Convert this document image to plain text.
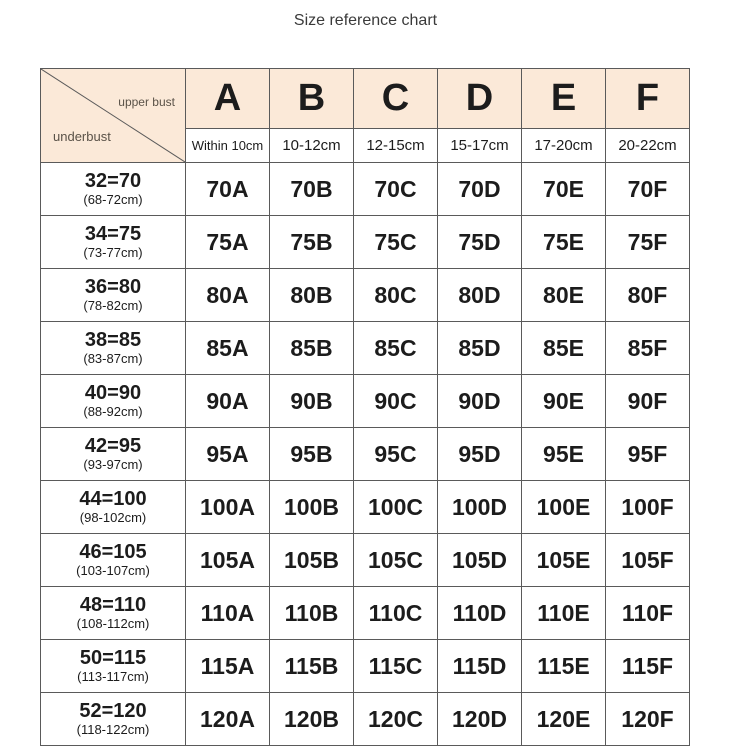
Size reference chart
upper bust
underbust	A	B	C	D	E	F
	Within 10cm	10-12cm	12-15cm	15-17cm	17-20cm	20-22cm

32=70
(68-72cm)	70A	70B	70C	70D	70E	70F

34=75
(73-77cm)	75A	75B	75C	75D	75E	75F

36=80
(78-82cm)	80A	80B	80C	80D	80E	80F

38=85
(83-87cm)	85A	85B	85C	85D	85E	85F

40=90
(88-92cm)	90A	90B	90C	90D	90E	90F

42=95
(93-97cm)	95A	95B	95C	95D	95E	95F

44=100
(98-102cm)	100A	100B	100C	100D	100E	100F

46=105
(103-107cm)	105A	105B	105C	105D	105E	105F

48=110
(108-112cm)	110A	110B	110C	110D	110E	110F

50=115
(113-117cm)	115A	115B	115C	115D	115E	115F

52=120
(118-122cm)	120A	120B	120C	120D	120E	120F
